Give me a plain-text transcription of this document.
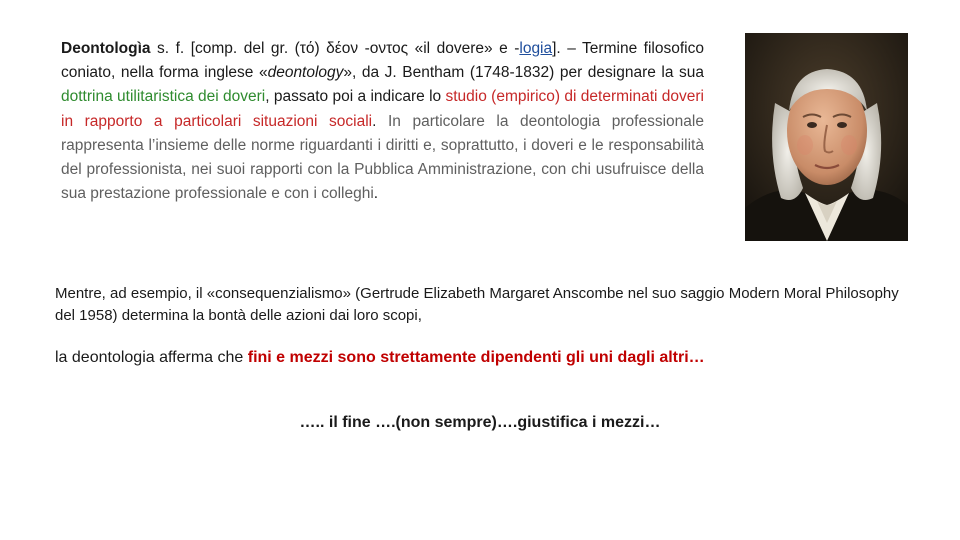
Deontologìa s. f. [comp. del gr. (τό) δέον -οντος «il dovere» e -logia]. – Termine filosofico coniato, nella forma inglese «deontology», da J. Bentham (1748-1832) per designare la sua dottrina utilitaristica dei doveri, passato poi a indicare lo studio (empirico) di determinati doveri in rapporto a particolari situazioni sociali. In particolare la deontologia professionale rappresenta l’insieme delle norme riguardanti i diritti e, soprattutto, i doveri e le responsabilità del professionista, nei suoi rapporti con la Pubblica Amministrazione, con chi usufruisce della sua prestazione professionale e con i colleghi.

Mentre, ad esempio, il «consequenzialismo» (Gertrude Elizabeth Margaret Anscombe nel suo saggio Modern Moral Philosophy del 1958) determina la bontà delle azioni dai loro scopi,

la deontologia afferma che fini e mezzi sono strettamente dipendenti gli uni dagli altri…

….. il fine ….(non sempre)….giustifica i mezzi…
